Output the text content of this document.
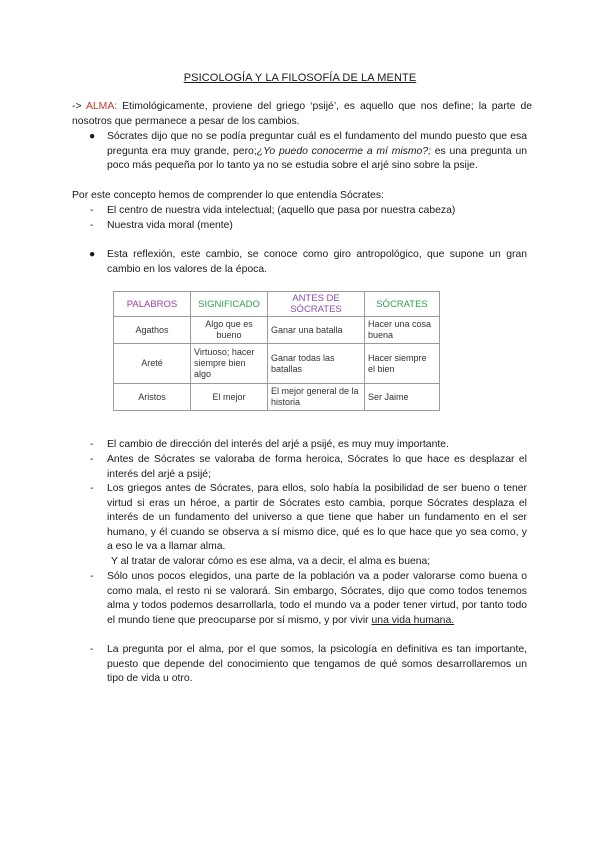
PSICOLOGÍA Y LA FILOSOFÍA DE LA MENTE
-> ALMA: Etimológicamente, proviene del griego ‘psijé’, es aquello que nos define; la parte de nosotros que permanece a pesar de los cambios.
● Sócrates dijo que no se podía preguntar cuál es el fundamento del mundo puesto que esa pregunta era muy grande, pero;¿Yo puedo conocerme a mí mismo?; es una pregunta un poco más pequeña por lo tanto ya no se estudia sobre el arjé sino sobre la psije.
Por este concepto hemos de comprender lo que entendía Sócrates:
- El centro de nuestra vida intelectual; (aquello que pasa por nuestra cabeza)
- Nuestra vida moral (mente)
● Esta reflexión, este cambio, se conoce como giro antropológico, que supone un gran cambio en los valores de la época.
PALABROS	SIGNIFICADO	ANTES DE SÓCRATES	SÓCRATES
Agathos	Algo que es bueno	Ganar una batalla	Hacer una cosa buena
Areté	Virtuoso; hacer siempre bien algo	Ganar todas las batallas	Hacer siempre el bien
Aristos	El mejor	El mejor general de la historia	Ser Jaime
- El cambio de dirección del interés del arjé a psijé, es muy muy importante.
- Antes de Sócrates se valoraba de forma heroica, Sócrates lo que hace es desplazar el interés del arjé a psijé;
- Los griegos antes de Sócrates, para ellos, solo había la posibilidad de ser bueno o tener virtud si eras un héroe, a partir de Sócrates esto cambia, porque Sócrates desplaza el interés de un fundamento del universo a que tiene que haber un fundamento en el ser humano, y él cuando se observa a sí mismo dice, qué es lo que hace que yo sea como, y a eso le va a llamar alma.
Y al tratar de valorar cómo es ese alma, va a decir, el alma es buena;
- Sólo unos pocos elegidos, una parte de la población va a poder valorarse como buena o como mala, el resto ni se valorará. Sin embargo, Sócrates, dijo que como todos tenemos alma y todos podemos desarrollarla, todo el mundo va a poder tener virtud, por tanto todo el mundo tiene que preocuparse por sí mismo, y por vivir una vida humana.
- La pregunta por el alma, por el que somos, la psicología en definitiva es tan importante, puesto que depende del conocimiento que tengamos de qué somos desarrollaremos un tipo de vida u otro.
